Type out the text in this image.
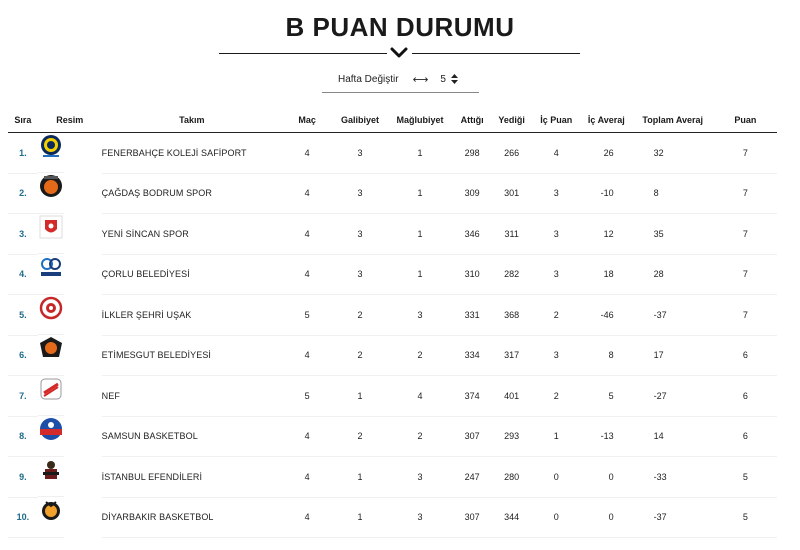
B PUAN DURUMU
Hafta Değiştir ⟷ 5
Sıra	Resim	Takım	Maç	Galibiyet	Mağlubiyet	Attığı	Yediği	İç Puan	İç Averaj	Toplam Averaj	Puan
1.	FENERBAHÇE KOLEJİ SAFİPORT	4	3	1	298	266	4	26	32	7
2.	ÇAĞDAŞ BODRUM SPOR	4	3	1	309	301	3	-10	8	7
3.	YENİ SİNCAN SPOR	4	3	1	346	311	3	12	35	7
4.	ÇORLU BELEDİYESİ	4	3	1	310	282	3	18	28	7
5.	İLKLER ŞEHRİ UŞAK	5	2	3	331	368	2	-46	-37	7
6.	ETİMESGUT BELEDİYESİ	4	2	2	334	317	3	8	17	6
7.	NEF	5	1	4	374	401	2	5	-27	6
8.	SAMSUN BASKETBOL	4	2	2	307	293	1	-13	14	6
9.	İSTANBUL EFENDİLERİ	4	1	3	247	280	0	0	-33	5
10.	DİYARBAKIR BASKETBOL	4	1	3	307	344	0	0	-37	5
